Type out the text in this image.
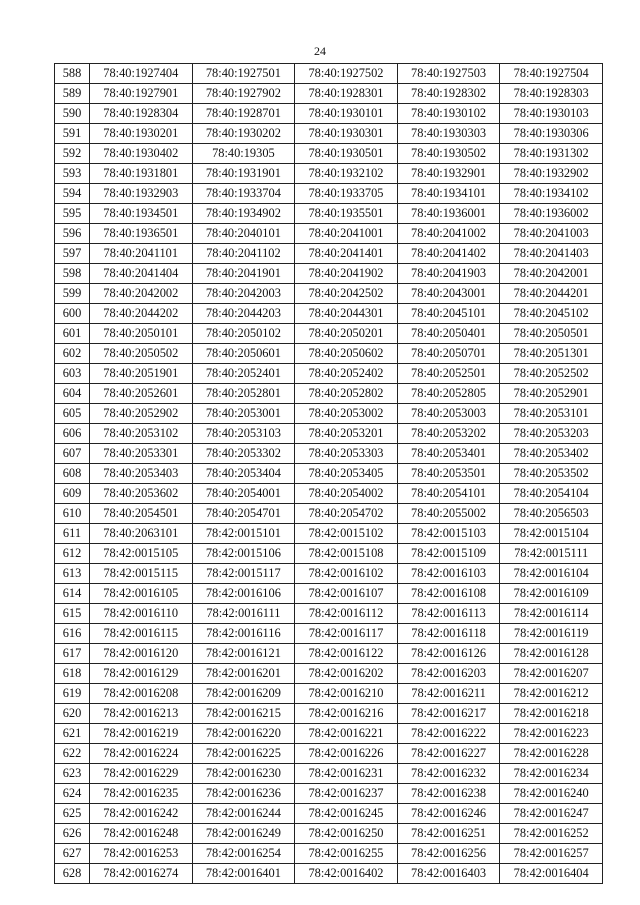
24
588	78:40:1927404	78:40:1927501	78:40:1927502	78:40:1927503	78:40:1927504
589	78:40:1927901	78:40:1927902	78:40:1928301	78:40:1928302	78:40:1928303
590	78:40:1928304	78:40:1928701	78:40:1930101	78:40:1930102	78:40:1930103
591	78:40:1930201	78:40:1930202	78:40:1930301	78:40:1930303	78:40:1930306
592	78:40:1930402	78:40:19305	78:40:1930501	78:40:1930502	78:40:1931302
593	78:40:1931801	78:40:1931901	78:40:1932102	78:40:1932901	78:40:1932902
594	78:40:1932903	78:40:1933704	78:40:1933705	78:40:1934101	78:40:1934102
595	78:40:1934501	78:40:1934902	78:40:1935501	78:40:1936001	78:40:1936002
596	78:40:1936501	78:40:2040101	78:40:2041001	78:40:2041002	78:40:2041003
597	78:40:2041101	78:40:2041102	78:40:2041401	78:40:2041402	78:40:2041403
598	78:40:2041404	78:40:2041901	78:40:2041902	78:40:2041903	78:40:2042001
599	78:40:2042002	78:40:2042003	78:40:2042502	78:40:2043001	78:40:2044201
600	78:40:2044202	78:40:2044203	78:40:2044301	78:40:2045101	78:40:2045102
601	78:40:2050101	78:40:2050102	78:40:2050201	78:40:2050401	78:40:2050501
602	78:40:2050502	78:40:2050601	78:40:2050602	78:40:2050701	78:40:2051301
603	78:40:2051901	78:40:2052401	78:40:2052402	78:40:2052501	78:40:2052502
604	78:40:2052601	78:40:2052801	78:40:2052802	78:40:2052805	78:40:2052901
605	78:40:2052902	78:40:2053001	78:40:2053002	78:40:2053003	78:40:2053101
606	78:40:2053102	78:40:2053103	78:40:2053201	78:40:2053202	78:40:2053203
607	78:40:2053301	78:40:2053302	78:40:2053303	78:40:2053401	78:40:2053402
608	78:40:2053403	78:40:2053404	78:40:2053405	78:40:2053501	78:40:2053502
609	78:40:2053602	78:40:2054001	78:40:2054002	78:40:2054101	78:40:2054104
610	78:40:2054501	78:40:2054701	78:40:2054702	78:40:2055002	78:40:2056503
611	78:40:2063101	78:42:0015101	78:42:0015102	78:42:0015103	78:42:0015104
612	78:42:0015105	78:42:0015106	78:42:0015108	78:42:0015109	78:42:0015111
613	78:42:0015115	78:42:0015117	78:42:0016102	78:42:0016103	78:42:0016104
614	78:42:0016105	78:42:0016106	78:42:0016107	78:42:0016108	78:42:0016109
615	78:42:0016110	78:42:0016111	78:42:0016112	78:42:0016113	78:42:0016114
616	78:42:0016115	78:42:0016116	78:42:0016117	78:42:0016118	78:42:0016119
617	78:42:0016120	78:42:0016121	78:42:0016122	78:42:0016126	78:42:0016128
618	78:42:0016129	78:42:0016201	78:42:0016202	78:42:0016203	78:42:0016207
619	78:42:0016208	78:42:0016209	78:42:0016210	78:42:0016211	78:42:0016212
620	78:42:0016213	78:42:0016215	78:42:0016216	78:42:0016217	78:42:0016218
621	78:42:0016219	78:42:0016220	78:42:0016221	78:42:0016222	78:42:0016223
622	78:42:0016224	78:42:0016225	78:42:0016226	78:42:0016227	78:42:0016228
623	78:42:0016229	78:42:0016230	78:42:0016231	78:42:0016232	78:42:0016234
624	78:42:0016235	78:42:0016236	78:42:0016237	78:42:0016238	78:42:0016240
625	78:42:0016242	78:42:0016244	78:42:0016245	78:42:0016246	78:42:0016247
626	78:42:0016248	78:42:0016249	78:42:0016250	78:42:0016251	78:42:0016252
627	78:42:0016253	78:42:0016254	78:42:0016255	78:42:0016256	78:42:0016257
628	78:42:0016274	78:42:0016401	78:42:0016402	78:42:0016403	78:42:0016404
